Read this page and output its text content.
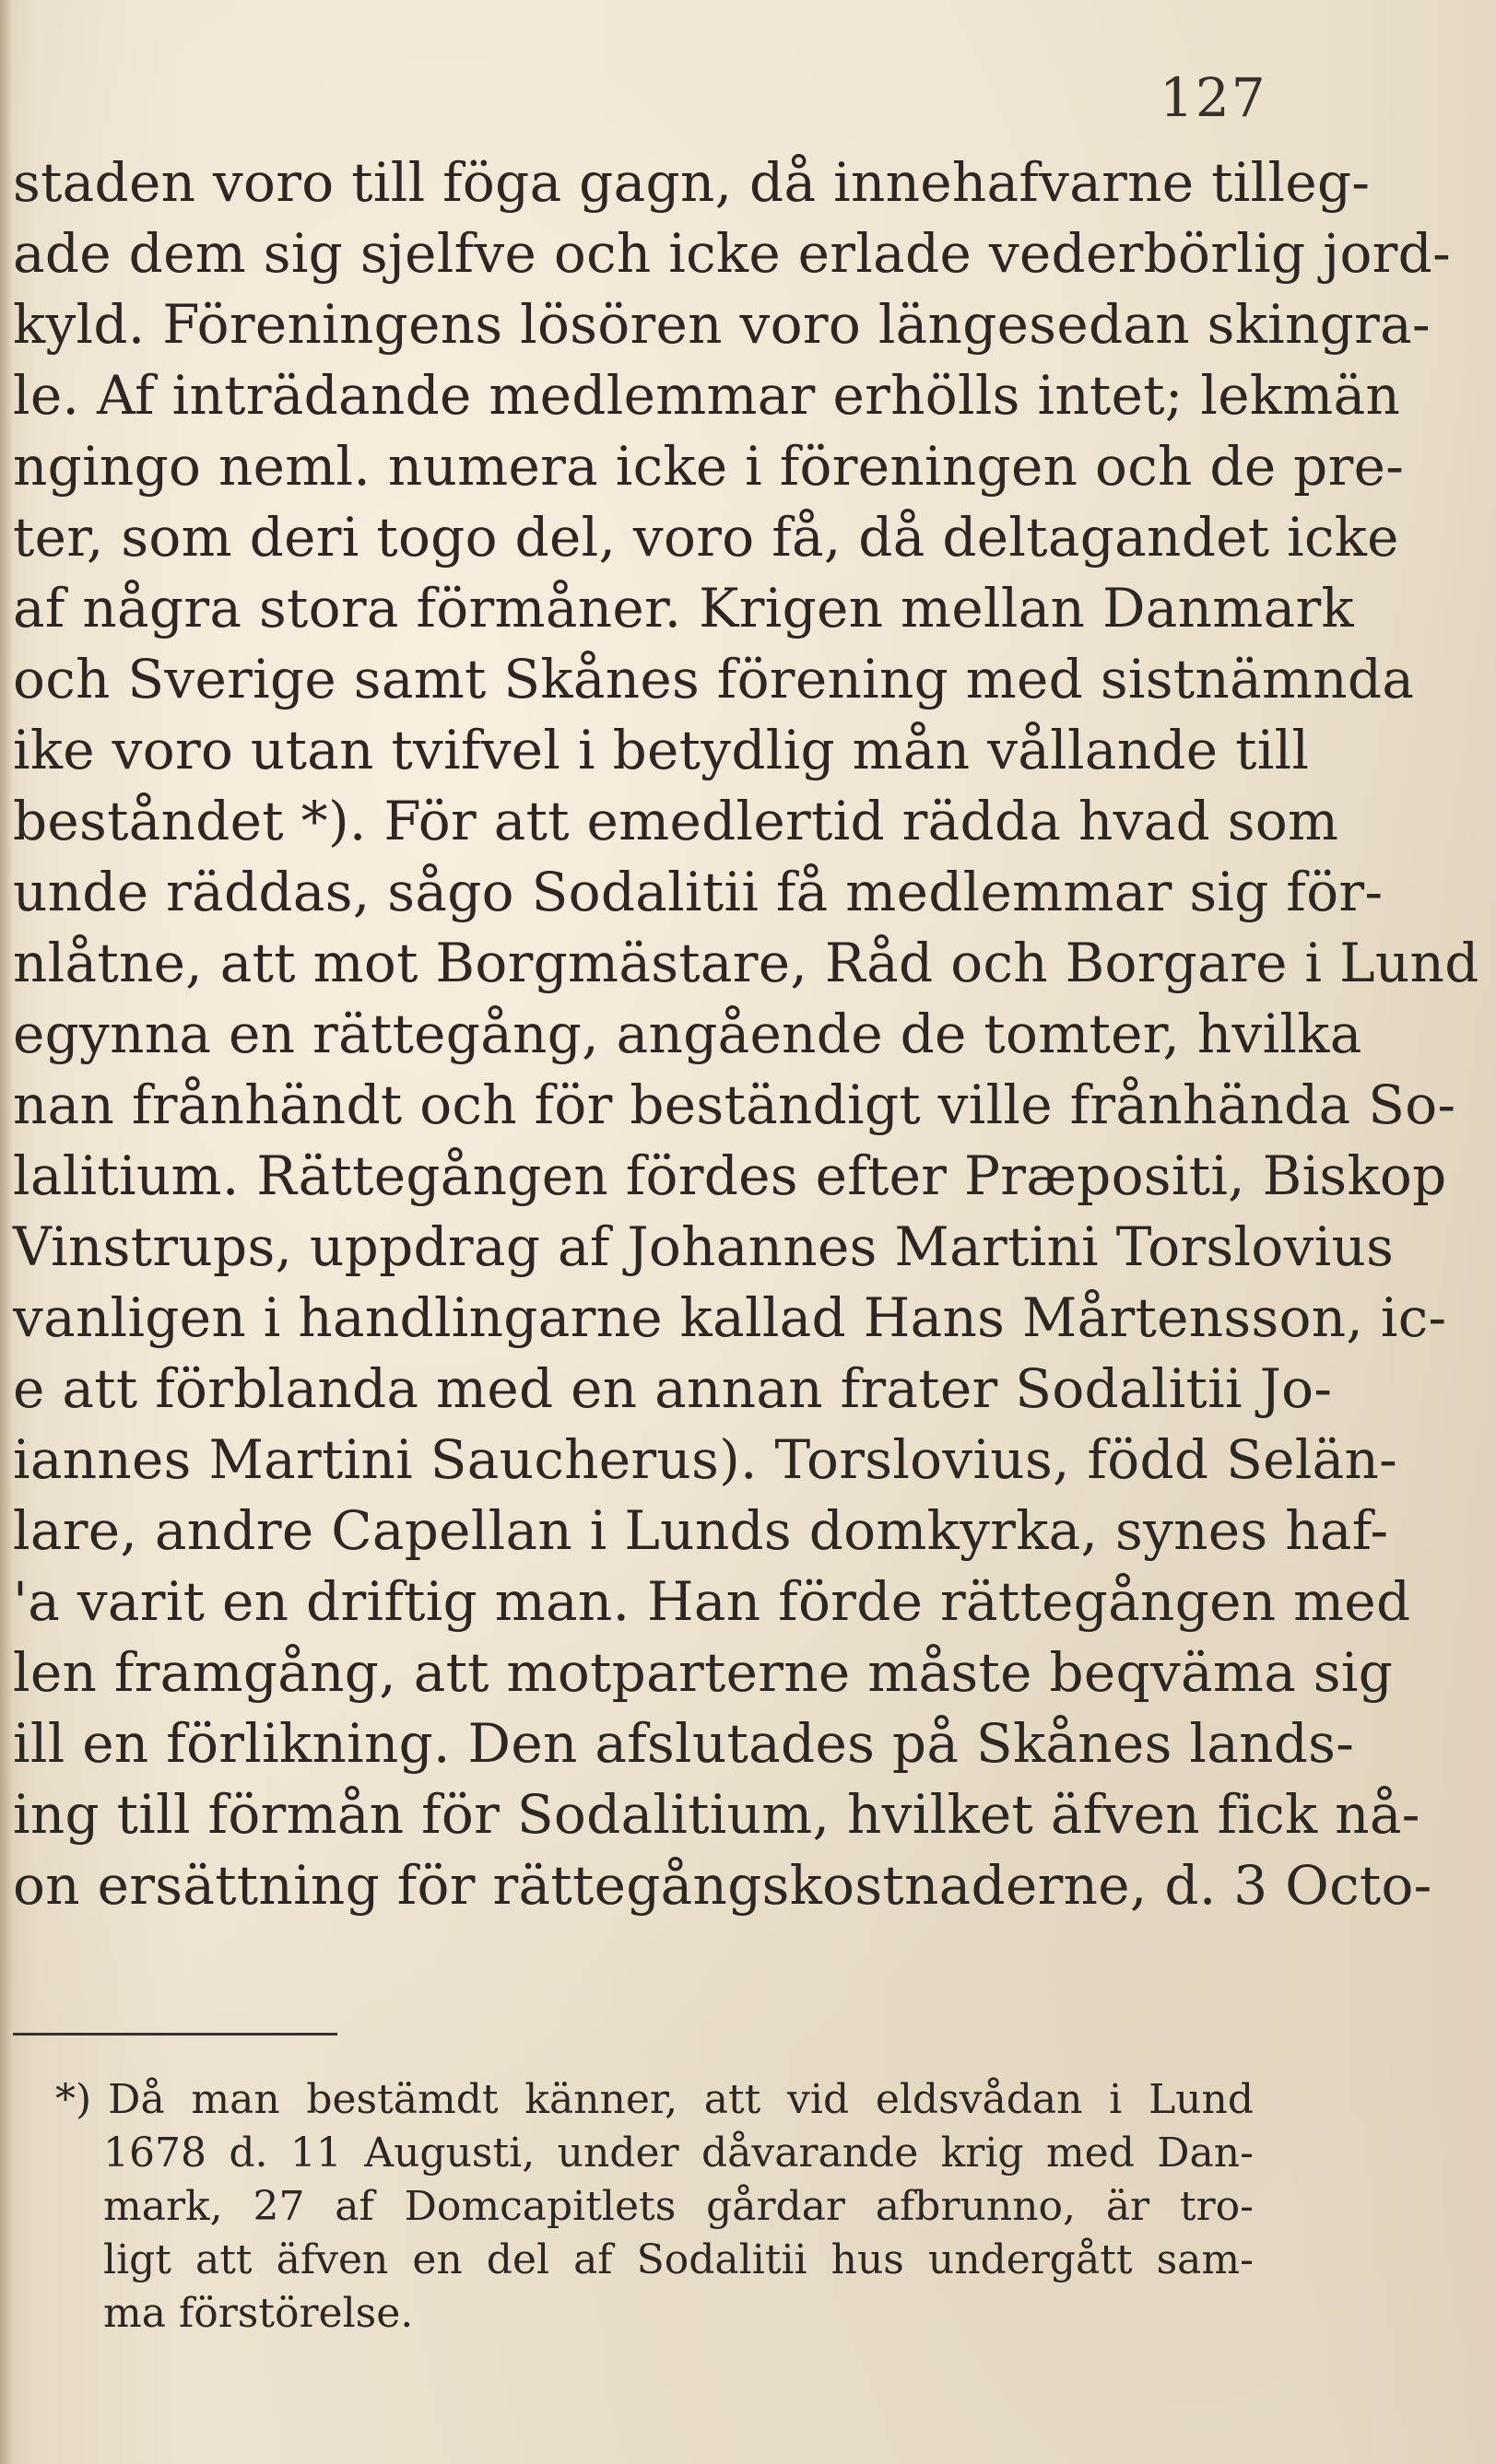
127
staden voro till föga gagn, då innehafvarne tilleg-
ade dem sig sjelfve och icke erlade vederbörlig jord-
kyld. Föreningens lösören voro längesedan skingra-
le. Af inträdande medlemmar erhölls intet; lekmän
ngingo neml. numera icke i föreningen och de pre-
ter, som deri togo del, voro få, då deltagandet icke
af några stora förmåner. Krigen mellan Danmark
och Sverige samt Skånes förening med sistnämnda
ike voro utan tvifvel i betydlig mån vållande till
beståndet *). För att emedlertid rädda hvad som
unde räddas, sågo Sodalitii få medlemmar sig för-
nlåtne, att mot Borgmästare, Råd och Borgare i Lund
egynna en rättegång, angående de tomter, hvilka
nan frånhändt och för beständigt ville frånhända So-
lalitium. Rättegången fördes efter Præpositi, Biskop
Vinstrups, uppdrag af Johannes Martini Torslovius
vanligen i handlingarne kallad Hans Mårtensson, ic-
e att förblanda med en annan frater Sodalitii Jo-
iannes Martini Saucherus). Torslovius, född Selän-
lare, andre Capellan i Lunds domkyrka, synes haf-
'a varit en driftig man. Han förde rättegången med
len framgång, att motparterne måste beqväma sig
ill en förlikning. Den afslutades på Skånes lands-
ing till förmån för Sodalitium, hvilket äfven fick nå-
on ersättning för rättegångskostnaderne, d. 3 Octo-
*) Då man bestämdt känner, att vid eldsvådan i Lund
1678 d. 11 Augusti, under dåvarande krig med Dan-
mark, 27 af Domcapitlets gårdar afbrunno, är tro-
ligt att äfven en del af Sodalitii hus undergått sam-
ma förstörelse.
